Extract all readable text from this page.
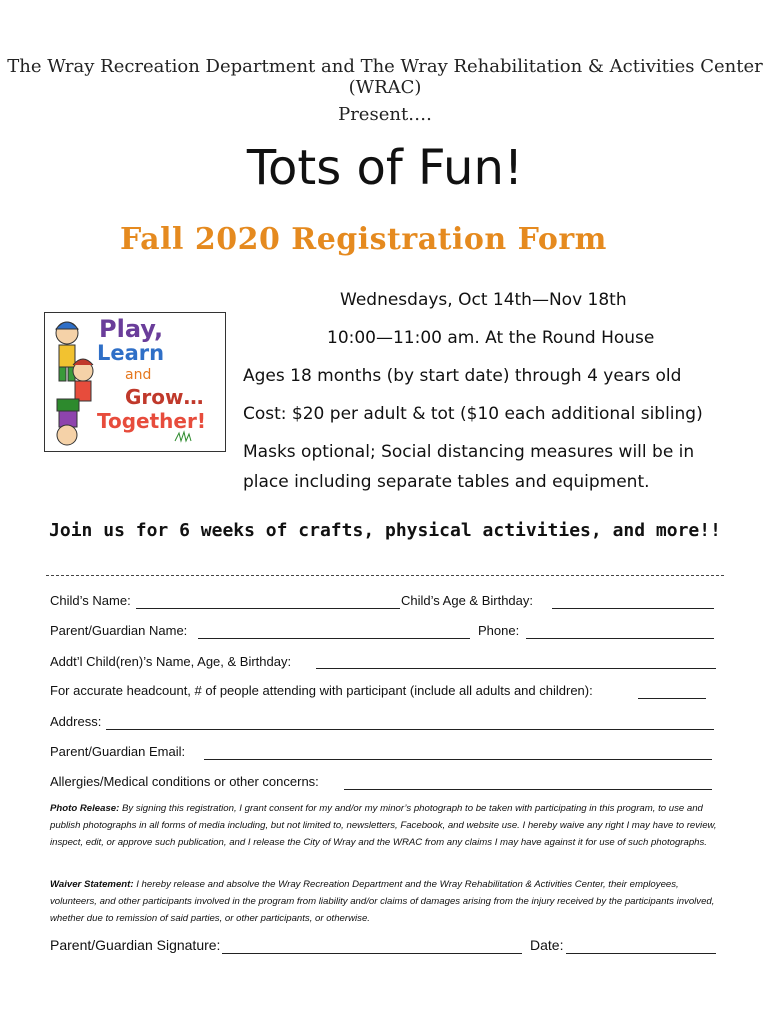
The Wray Recreation Department and The Wray Rehabilitation & Activities Center (WRAC)
Present….
Tots of Fun!
Fall 2020 Registration Form
Play,
Learn
and
Grow…
Together!
Wednesdays, Oct 14th—Nov 18th
10:00—11:00 am. At the Round House
Ages 18 months (by start date) through 4 years old
Cost: $20 per adult & tot ($10 each additional sibling)
Masks optional; Social distancing measures will be in
place including separate tables and equipment.
Join us for 6 weeks of crafts, physical activities, and more!!
Child’s Name:	Child’s Age & Birthday:
Parent/Guardian Name:	Phone:
Addt’l Child(ren)’s Name, Age, & Birthday:
For accurate headcount, # of people attending with participant (include all adults and children):
Address:
Parent/Guardian Email:
Allergies/Medical conditions or other concerns:
Photo Release: By signing this registration, I grant consent for my and/or my minor’s photograph to be taken with participating in this program, to use and publish photographs in all forms of media including, but not limited to, newsletters, Facebook, and website use. I hereby waive any right I may have to review, inspect, edit, or approve such publication, and I release the City of Wray and the WRAC from any claims I may have against it for use of such photographs.
Waiver Statement: I hereby release and absolve the Wray Recreation Department and the Wray Rehabilitation & Activities Center, their employees, volunteers, and other participants involved in the program from liability and/or claims of damages arising from the injury received by the participants involved, whether due to remission of said parties, or other participants, or otherwise.
Parent/Guardian Signature:	Date:
